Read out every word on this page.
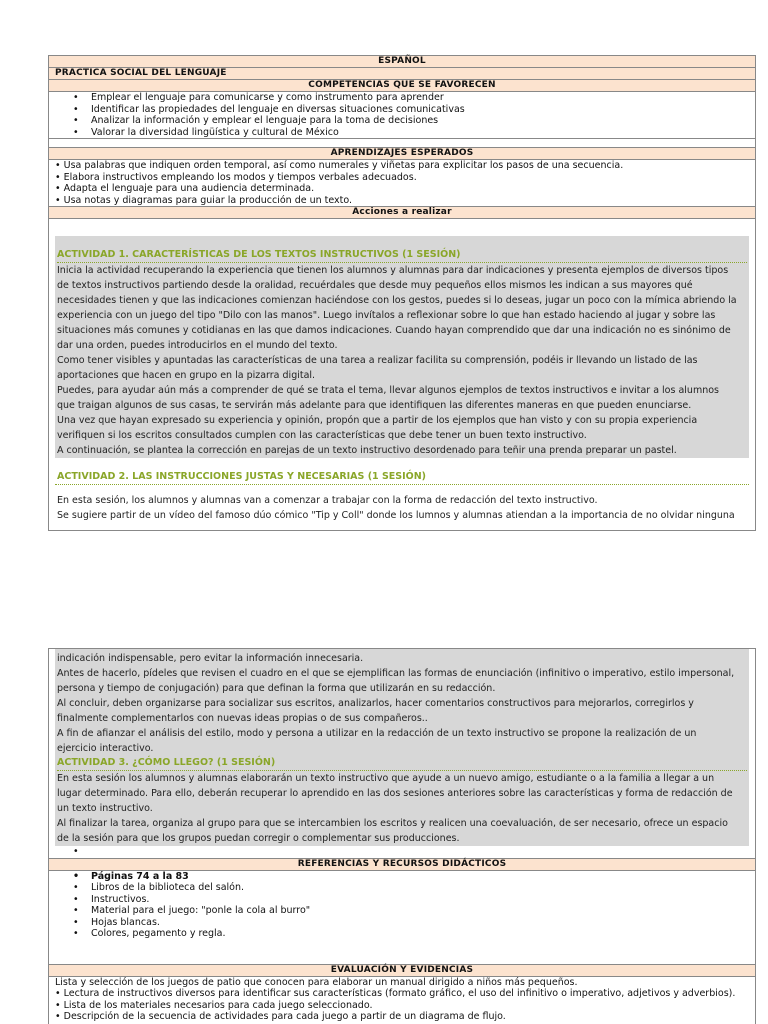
ESPAÑOL
PRACTICA SOCIAL DEL LENGUAJE
COMPETENCIAS QUE SE FAVORECEN
• Emplear el lenguaje para comunicarse y como instrumento para aprender
• Identificar las propiedades del lenguaje en diversas situaciones comunicativas
• Analizar la información y emplear el lenguaje para la toma de decisiones
• Valorar la diversidad lingüística y cultural de México
APRENDIZAJES ESPERADOS
• Usa palabras que indiquen orden temporal, así como numerales y viñetas para explicitar los pasos de una secuencia.
• Elabora instructivos empleando los modos y tiempos verbales adecuados.
• Adapta el lenguaje para una audiencia determinada.
• Usa notas y diagramas para guiar la producción de un texto.
Acciones a realizar
ACTIVIDAD 1. CARACTERÍSTICAS DE LOS TEXTOS INSTRUCTIVOS (1 SESIÓN)
Inicia la actividad recuperando la experiencia que tienen los alumnos y alumnas para dar indicaciones y presenta ejemplos de diversos tipos
de textos instructivos partiendo desde la oralidad, recuérdales que desde muy pequeños ellos mismos les indican a sus mayores qué
necesidades tienen y que las indicaciones comienzan haciéndose con los gestos, puedes si lo deseas, jugar un poco con la mímica abriendo la
experiencia con un juego del tipo "Dilo con las manos". Luego invítalos a reflexionar sobre lo que han estado haciendo al jugar y sobre las
situaciones más comunes y cotidianas en las que damos indicaciones. Cuando hayan comprendido que dar una indicación no es sinónimo de
dar una orden, puedes introducirlos en el mundo del texto.
Como tener visibles y apuntadas las características de una tarea a realizar facilita su comprensión, podéis ir llevando un listado de las
aportaciones que hacen en grupo en la pizarra digital.
Puedes, para ayudar aún más a comprender de qué se trata el tema, llevar algunos ejemplos de textos instructivos e invitar a los alumnos
que traigan algunos de sus casas, te servirán más adelante para que identifiquen las diferentes maneras en que pueden enunciarse.
Una vez que hayan expresado su experiencia y opinión, propón que a partir de los ejemplos que han visto y con su propia experiencia
verifiquen si los escritos consultados cumplen con las características que debe tener un buen texto instructivo.
A continuación, se plantea la corrección en parejas de un texto instructivo desordenado para teñir una prenda preparar un pastel.
ACTIVIDAD 2. LAS INSTRUCCIONES JUSTAS Y NECESARIAS (1 SESIÓN)
En esta sesión, los alumnos y alumnas van a comenzar a trabajar con la forma de redacción del texto instructivo.
Se sugiere partir de un vídeo del famoso dúo cómico "Tip y Coll" donde los lumnos y alumnas atiendan a la importancia de no olvidar ninguna
indicación indispensable, pero evitar la información innecesaria.
Antes de hacerlo, pídeles que revisen el cuadro en el que se ejemplifican las formas de enunciación (infinitivo o imperativo, estilo impersonal,
persona y tiempo de conjugación) para que definan la forma que utilizarán en su redacción.
Al concluir, deben organizarse para socializar sus escritos, analizarlos, hacer comentarios constructivos para mejorarlos, corregirlos y
finalmente complementarlos con nuevas ideas propias o de sus compañeros..
A fin de afianzar el análisis del estilo, modo y persona a utilizar en la redacción de un texto instructivo se propone la realización de un
ejercicio interactivo.
ACTIVIDAD 3. ¿CÓMO LLEGO? (1 SESIÓN)
En esta sesión los alumnos y alumnas elaborarán un texto instructivo que ayude a un nuevo amigo, estudiante o a la familia a llegar a un
lugar determinado. Para ello, deberán recuperar lo aprendido en las dos sesiones anteriores sobre las características y forma de redacción de
un texto instructivo.
Al finalizar la tarea, organiza al grupo para que se intercambien los escritos y realicen una coevaluación, de ser necesario, ofrece un espacio
de la sesión para que los grupos puedan corregir o complementar sus producciones.
•
REFERENCIAS Y RECURSOS DIDÁCTICOS
• Páginas 74 a la 83
• Libros de la biblioteca del salón.
• Instructivos.
• Material para el juego: "ponle la cola al burro"
• Hojas blancas.
• Colores, pegamento y regla.
EVALUACIÓN Y EVIDENCIAS
Lista y selección de los juegos de patio que conocen para elaborar un manual dirigido a niños más pequeños.
• Lectura de instructivos diversos para identificar sus características (formato gráfico, el uso del infinitivo o imperativo, adjetivos y adverbios).
• Lista de los materiales necesarios para cada juego seleccionado.
• Descripción de la secuencia de actividades para cada juego a partir de un diagrama de flujo.
